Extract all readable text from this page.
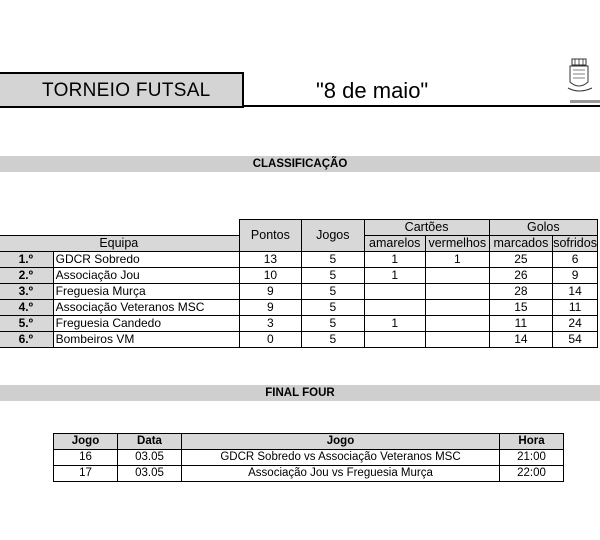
TORNEIO FUTSAL	"8 de maio"
CLASSIFICAÇÃO
		Pontos	Jogos	Cartões		Golos	
Equipa				amarelos	vermelhos	marcados	sofridos
1.º	GDCR Sobredo	13	5	1	1	25	6
2.º	Associação Jou	10	5	1		26	9
3.º	Freguesia Murça	9	5			28	14
4.º	Associação Veteranos MSC	9	5			15	11
5.º	Freguesia Candedo	3	5	1		11	24
6.º	Bombeiros VM	0	5			14	54
FINAL FOUR
Jogo	Data	Jogo	Hora
16	03.05	GDCR Sobredo vs Associação Veteranos MSC	21:00
17	03.05	Associação Jou vs Freguesia Murça	22:00
